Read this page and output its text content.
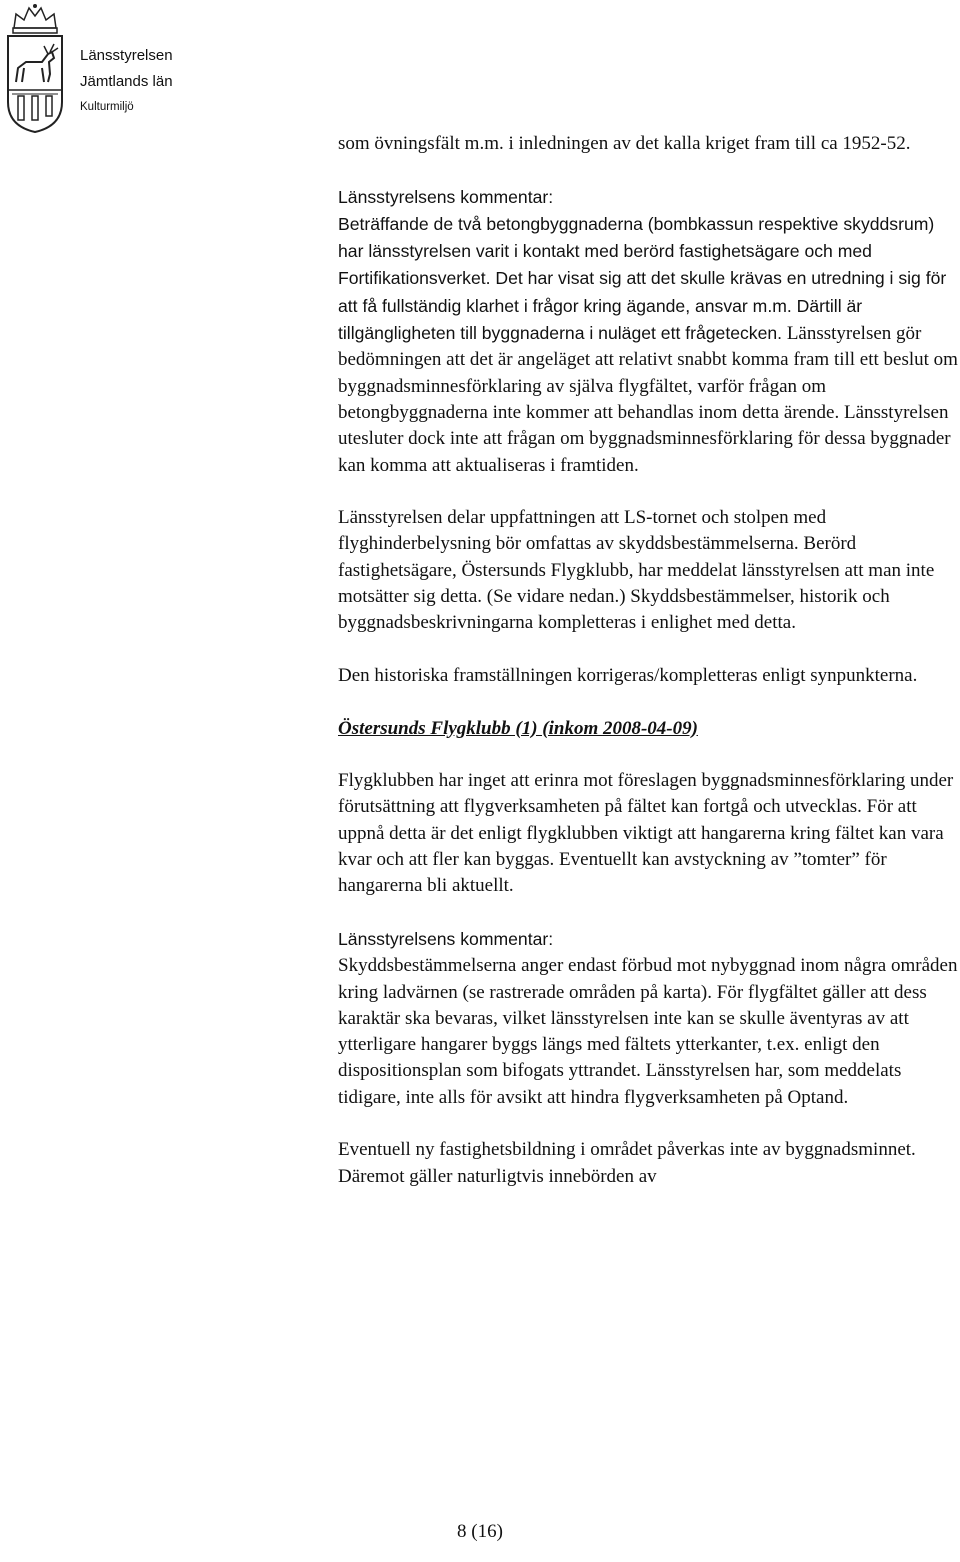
Länsstyrelsen
Jämtlands län
Kulturmiljö

som övningsfält m.m. i inledningen av det kalla kriget fram till ca 1952-52.

Länsstyrelsens kommentar:
Beträffande de två betongbyggnaderna (bombkassun respektive skyddsrum) har länsstyrelsen varit i kontakt med berörd fastighetsägare och med Fortifikationsverket. Det har visat sig att det skulle krävas en utredning i sig för att få fullständig klarhet i frågor kring ägande, ansvar m.m. Därtill är tillgängligheten till byggnaderna i nuläget ett frågetecken. Länsstyrelsen gör bedömningen att det är angeläget att relativt snabbt komma fram till ett beslut om byggnadsminnesförklaring av själva flygfältet, varför frågan om betongbyggnaderna inte kommer att behandlas inom detta ärende. Länsstyrelsen utesluter dock inte att frågan om byggnadsminnesförklaring för dessa byggnader kan komma att aktualiseras i framtiden.

Länsstyrelsen delar uppfattningen att LS-tornet och stolpen med flyghinderbelysning bör omfattas av skyddsbestämmelserna. Berörd fastighetsägare, Östersunds Flygklubb, har meddelat länsstyrelsen att man inte motsätter sig detta. (Se vidare nedan.) Skyddsbestämmelser, historik och byggnadsbeskrivningarna kompletteras i enlighet med detta.

Den historiska framställningen korrigeras/kompletteras enligt synpunkterna.

Östersunds Flygklubb (1) (inkom 2008-04-09)

Flygklubben har inget att erinra mot föreslagen byggnadsminnesförklaring under förutsättning att flygverksamheten på fältet kan fortgå och utvecklas. För att uppnå detta är det enligt flygklubben viktigt att hangarerna kring fältet kan vara kvar och att fler kan byggas. Eventuellt kan avstyckning av ”tomter” för hangarerna bli aktuellt.

Länsstyrelsens kommentar:
Skyddsbestämmelserna anger endast förbud mot nybyggnad inom några områden kring ladvärnen (se rastrerade områden på karta). För flygfältet gäller att dess karaktär ska bevaras, vilket länsstyrelsen inte kan se skulle äventyras av att ytterligare hangarer byggs längs med fältets ytterkanter, t.ex. enligt den dispositionsplan som bifogats yttrandet. Länsstyrelsen har, som meddelats tidigare, inte alls för avsikt att hindra flygverksamheten på Optand.

Eventuell ny fastighetsbildning i området påverkas inte av byggnadsminnet. Däremot gäller naturligtvis innebörden av

8 (16)
